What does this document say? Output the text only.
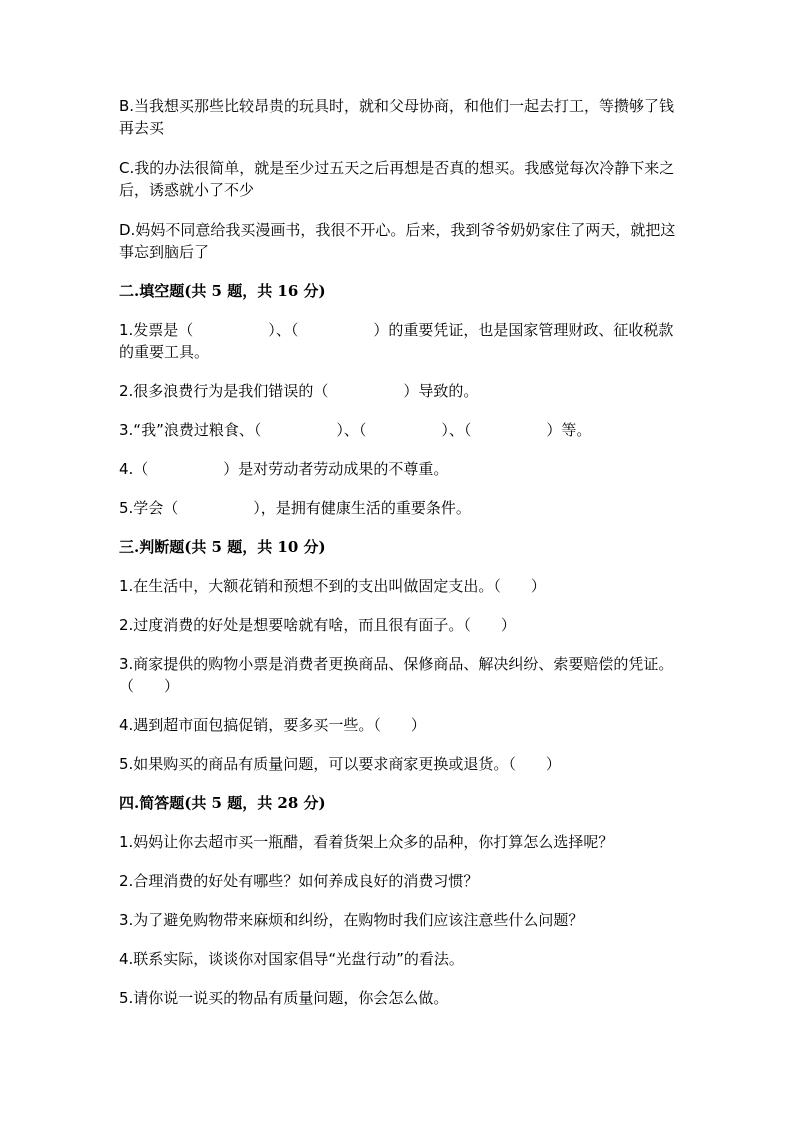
B.当我想买那些比较昂贵的玩具时，就和父母协商，和他们一起去打工，等攒够了钱再去买

C.我的办法很简单，就是至少过五天之后再想是否真的想买。我感觉每次冷静下来之后，诱惑就小了不少

D.妈妈不同意给我买漫画书，我很不开心。后来，我到爷爷奶奶家住了两天，就把这事忘到脑后了

二.填空题(共 5 题，共 16 分)

1.发票是（　　　　　）、（　　　　　）的重要凭证，也是国家管理财政、征收税款的重要工具。

2.很多浪费行为是我们错误的（　　　　　）导致的。

3.“我”浪费过粮食、（　　　　　）、（　　　　　）、（　　　　　）等。

4.（　　　　　）是对劳动者劳动成果的不尊重。

5.学会（　　　　　），是拥有健康生活的重要条件。

三.判断题(共 5 题，共 10 分)

1.在生活中，大额花销和预想不到的支出叫做固定支出。（　　）

2.过度消费的好处是想要啥就有啥，而且很有面子。（　　）

3.商家提供的购物小票是消费者更换商品、保修商品、解决纠纷、索要赔偿的凭证。（　　）

4.遇到超市面包搞促销，要多买一些。（　　）

5.如果购买的商品有质量问题，可以要求商家更换或退货。（　　）

四.简答题(共 5 题，共 28 分)

1.妈妈让你去超市买一瓶醋，看着货架上众多的品种，你打算怎么选择呢？

2.合理消费的好处有哪些？如何养成良好的消费习惯？

3.为了避免购物带来麻烦和纠纷，在购物时我们应该注意些什么问题？

4.联系实际，谈谈你对国家倡导“光盘行动”的看法。

5.请你说一说买的物品有质量问题，你会怎么做。
